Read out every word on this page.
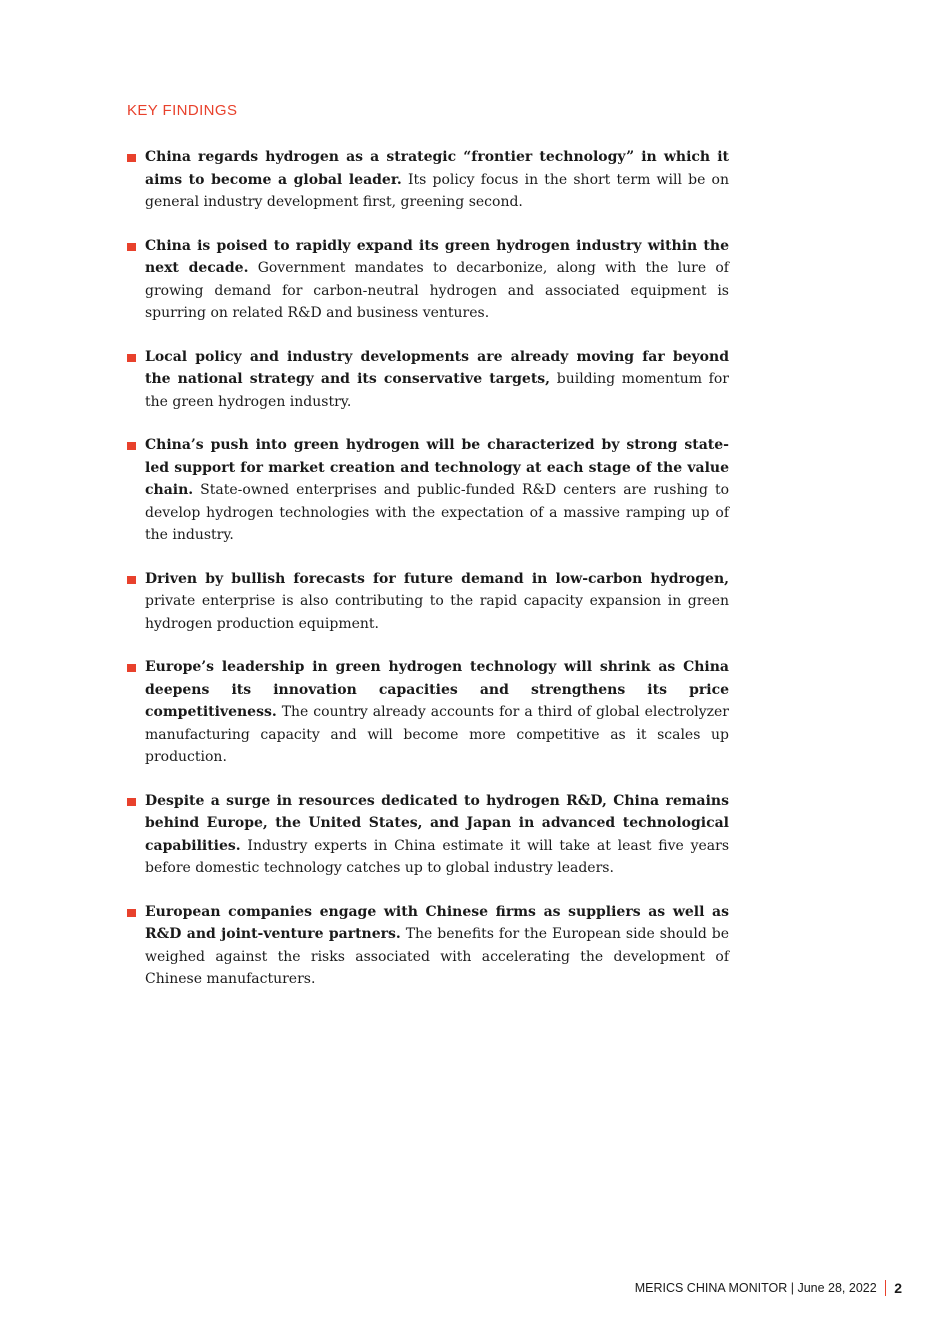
KEY FINDINGS
China regards hydrogen as a strategic “frontier technology” in which it aims to become a global leader. Its policy focus in the short term will be on general industry development first, greening second.
China is poised to rapidly expand its green hydrogen industry within the next decade. Government mandates to decarbonize, along with the lure of growing demand for carbon-neutral hydrogen and associated equipment is spurring on related R&D and business ventures.
Local policy and industry developments are already moving far beyond the national strategy and its conservative targets, building momentum for the green hydrogen industry.
China’s push into green hydrogen will be characterized by strong state-led support for market creation and technology at each stage of the value chain. State-owned enterprises and public-funded R&D centers are rushing to develop hydrogen technologies with the expectation of a massive ramping up of the industry.
Driven by bullish forecasts for future demand in low-carbon hydrogen, private enterprise is also contributing to the rapid capacity expansion in green hydrogen production equipment.
Europe’s leadership in green hydrogen technology will shrink as China deepens its innovation capacities and strengthens its price competitiveness. The country already accounts for a third of global electrolyzer manufacturing capacity and will become more competitive as it scales up production.
Despite a surge in resources dedicated to hydrogen R&D, China remains behind Europe, the United States, and Japan in advanced technological capabilities. Industry experts in China estimate it will take at least five years before domestic technology catches up to global industry leaders.
European companies engage with Chinese firms as suppliers as well as R&D and joint-venture partners. The benefits for the European side should be weighed against the risks associated with accelerating the development of Chinese manufacturers.
MERICS CHINA MONITOR | June 28, 2022 2
